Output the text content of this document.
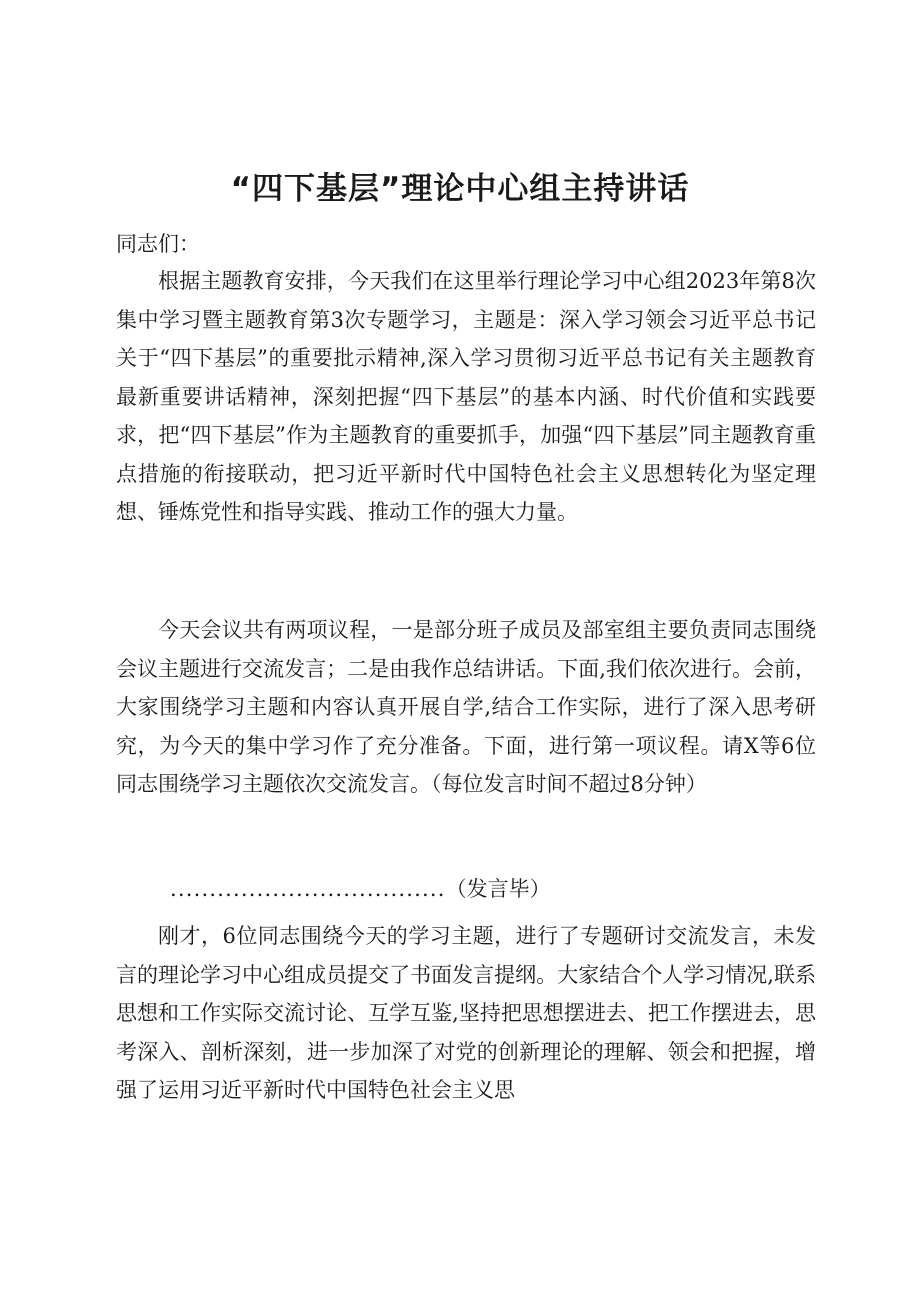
“四下基层”理论中心组主持讲话

同志们：

根据主题教育安排，今天我们在这里举行理论学习中心组2023年第8次集中学习暨主题教育第3次专题学习，主题是：深入学习领会习近平总书记关于“四下基层”的重要批示精神,深入学习贯彻习近平总书记有关主题教育最新重要讲话精神，深刻把握“四下基层”的基本内涵、时代价值和实践要求，把“四下基层”作为主题教育的重要抓手，加强“四下基层”同主题教育重点措施的衔接联动，把习近平新时代中国特色社会主义思想转化为坚定理想、锤炼党性和指导实践、推动工作的强大力量。

今天会议共有两项议程，一是部分班子成员及部室组主要负责同志围绕会议主题进行交流发言；二是由我作总结讲话。下面,我们依次进行。会前，大家围绕学习主题和内容认真开展自学,结合工作实际，进行了深入思考研究，为今天的集中学习作了充分准备。下面，进行第一项议程。请X等6位同志围绕学习主题依次交流发言。（每位发言时间不超过8分钟）

...................................（发言毕）

刚才，6位同志围绕今天的学习主题，进行了专题研讨交流发言，未发言的理论学习中心组成员提交了书面发言提纲。大家结合个人学习情况,联系思想和工作实际交流讨论、互学互鉴,坚持把思想摆进去、把工作摆进去，思考深入、剖析深刻，进一步加深了对党的创新理论的理解、领会和把握，增强了运用习近平新时代中国特色社会主义思
